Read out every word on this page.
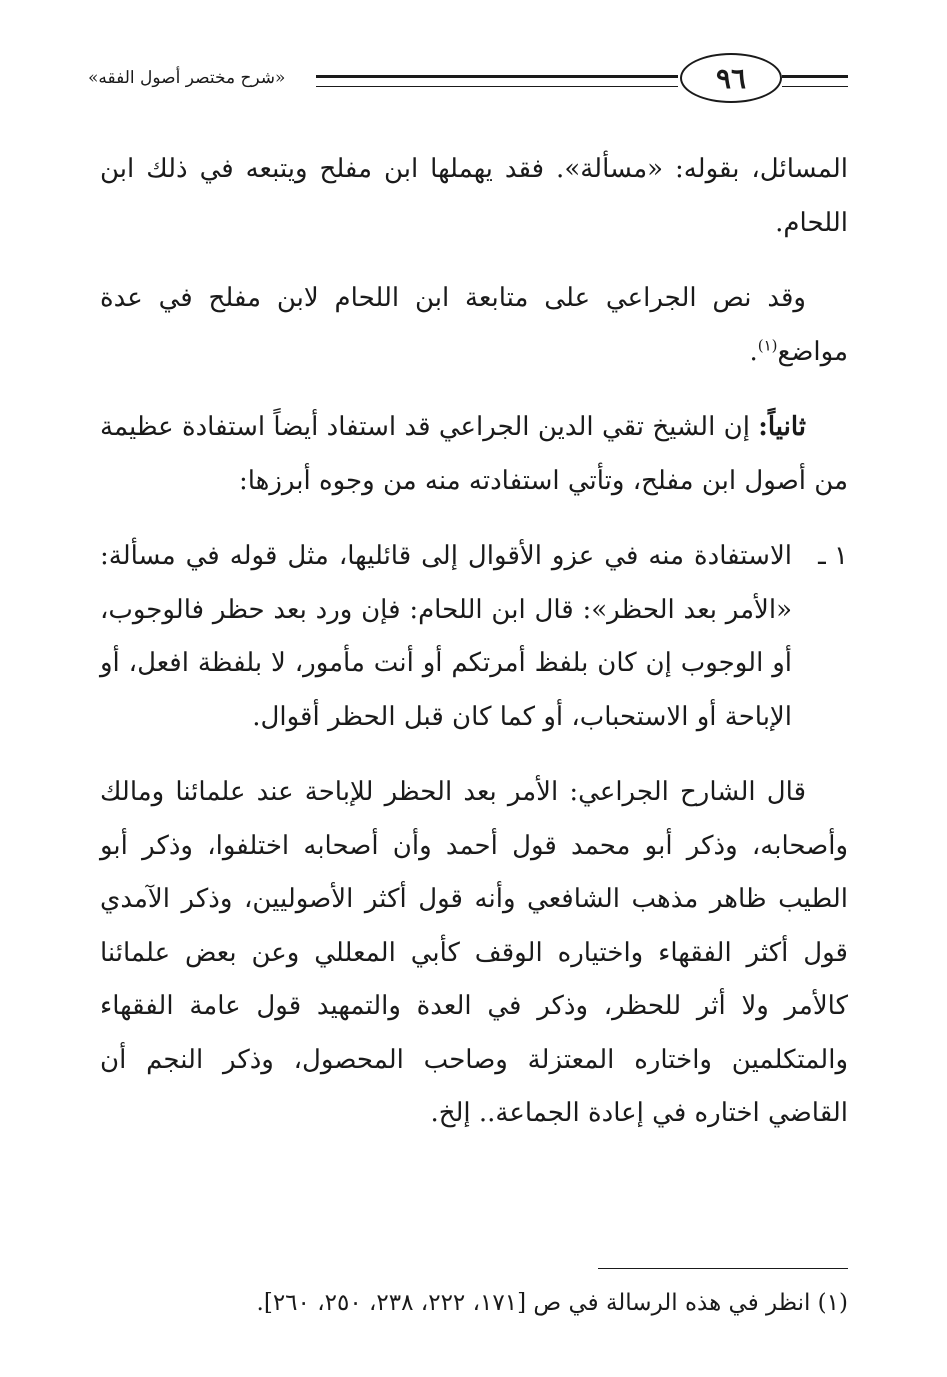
«شرح مختصر أصول الفقه»	٩٦

المسائل، بقوله: «مسألة». فقد يهملها ابن مفلح ويتبعه في ذلك ابن اللحام.

وقد نص الجراعي على متابعة ابن اللحام لابن مفلح في عدة مواضع$^{(١)}$.

ثانياً: إن الشيخ تقي الدين الجراعي قد استفاد أيضاً استفادة عظيمة من أصول ابن مفلح، وتأتي استفادته منه من وجوه أبرزها:

١ ـ

الاستفادة منه في عزو الأقوال إلى قائليها، مثل قوله في مسألة: «الأمر بعد الحظر»: قال ابن اللحام: فإن ورد بعد حظر فالوجوب، أو الوجوب إن كان بلفظ أمرتكم أو أنت مأمور، لا بلفظة افعل، أو الإباحة أو الاستحباب، أو كما كان قبل الحظر أقوال.

قال الشارح الجراعي: الأمر بعد الحظر للإباحة عند علمائنا ومالك وأصحابه، وذكر أبو محمد قول أحمد وأن أصحابه اختلفوا، وذكر أبو الطيب ظاهر مذهب الشافعي وأنه قول أكثر الأصوليين، وذكر الآمدي قول أكثر الفقهاء واختياره الوقف كأبي المعللي وعن بعض علمائنا كالأمر ولا أثر للحظر، وذكر في العدة والتمهيد قول عامة الفقهاء والمتكلمين واختاره المعتزلة وصاحب المحصول، وذكر النجم أن القاضي اختاره في إعادة الجماعة.. إلخ.

(١) انظر في هذه الرسالة في ص [١٧١، ٢٢٢، ٢٣٨، ٢٥٠، ٢٦٠].
